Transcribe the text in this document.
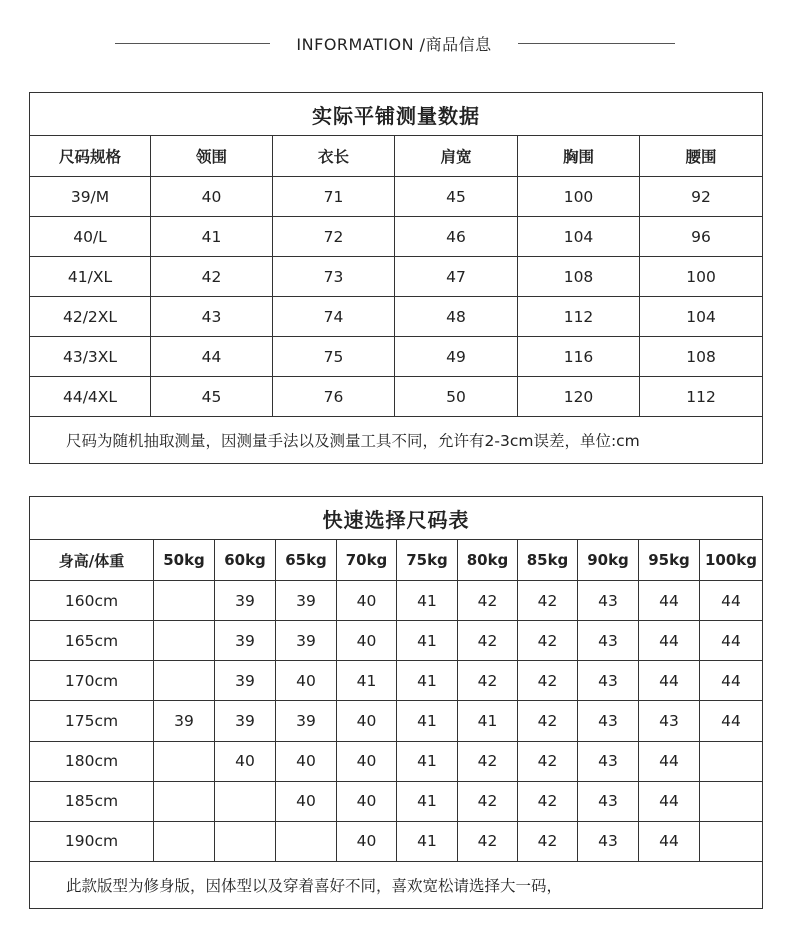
INFORMATION /商品信息
实际平铺测量数据					
尺码规格	领围	衣长	肩宽	胸围	腰围
39/M	40	71	45	100	92
40/L	41	72	46	104	96
41/XL	42	73	47	108	100
42/2XL	43	74	48	112	104
43/3XL	44	75	49	116	108
44/4XL	45	76	50	120	112
尺码为随机抽取测量，因测量手法以及测量工具不同，允许有2-3cm误差，单位:cm					
快速选择尺码表										
身高/体重	50kg	60kg	65kg	70kg	75kg	80kg	85kg	90kg	95kg	100kg
160cm		39	39	40	41	42	42	43	44	44
165cm		39	39	40	41	42	42	43	44	44
170cm		39	40	41	41	42	42	43	44	44
175cm	39	39	39	40	41	41	42	43	43	44
180cm		40	40	40	41	42	42	43	44	
185cm			40	40	41	42	42	43	44	
190cm				40	41	42	42	43	44	
此款版型为修身版，因体型以及穿着喜好不同，喜欢宽松请选择大一码，										
